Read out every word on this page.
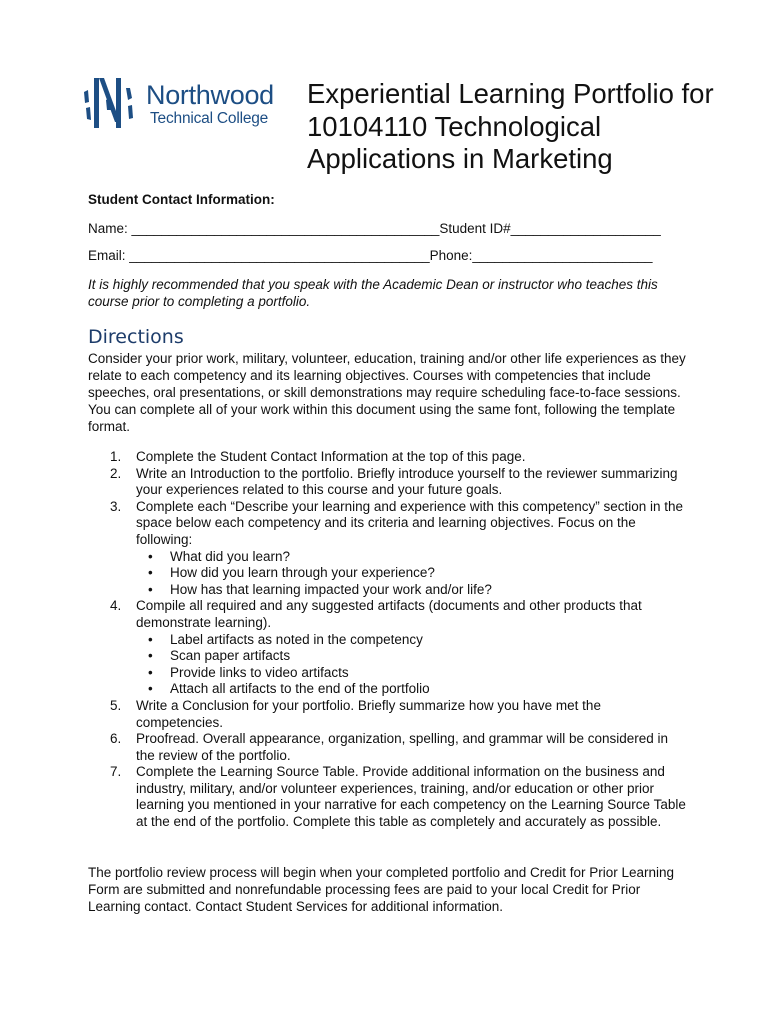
Northwood
Technical College
Experiential Learning Portfolio for
10104110 Technological
Applications in Marketing
Student Contact Information:
Name: _________________________________________Student ID#____________________
Email: ________________________________________Phone:________________________

It is highly recommended that you speak with the Academic Dean or instructor who teaches this course prior to completing a portfolio.

Directions

Consider your prior work, military, volunteer, education, training and/or other life experiences as they relate to each competency and its learning objectives. Courses with competencies that include speeches, oral presentations, or skill demonstrations may require scheduling face-to-face sessions. You can complete all of your work within this document using the same font, following the template format.

1. Complete the Student Contact Information at the top of this page.
2. Write an Introduction to the portfolio. Briefly introduce yourself to the reviewer summarizing your experiences related to this course and your future goals.
3. Complete each “Describe your learning and experience with this competency” section in the space below each competency and its criteria and learning objectives. Focus on the following:
• What did you learn?
• How did you learn through your experience?
• How has that learning impacted your work and/or life?
4. Compile all required and any suggested artifacts (documents and other products that demonstrate learning).
• Label artifacts as noted in the competency
• Scan paper artifacts
• Provide links to video artifacts
• Attach all artifacts to the end of the portfolio
5. Write a Conclusion for your portfolio. Briefly summarize how you have met the competencies.
6. Proofread. Overall appearance, organization, spelling, and grammar will be considered in the review of the portfolio.
7. Complete the Learning Source Table. Provide additional information on the business and industry, military, and/or volunteer experiences, training, and/or education or other prior learning you mentioned in your narrative for each competency on the Learning Source Table at the end of the portfolio. Complete this table as completely and accurately as possible.

The portfolio review process will begin when your completed portfolio and Credit for Prior Learning Form are submitted and nonrefundable processing fees are paid to your local Credit for Prior Learning contact. Contact Student Services for additional information.
